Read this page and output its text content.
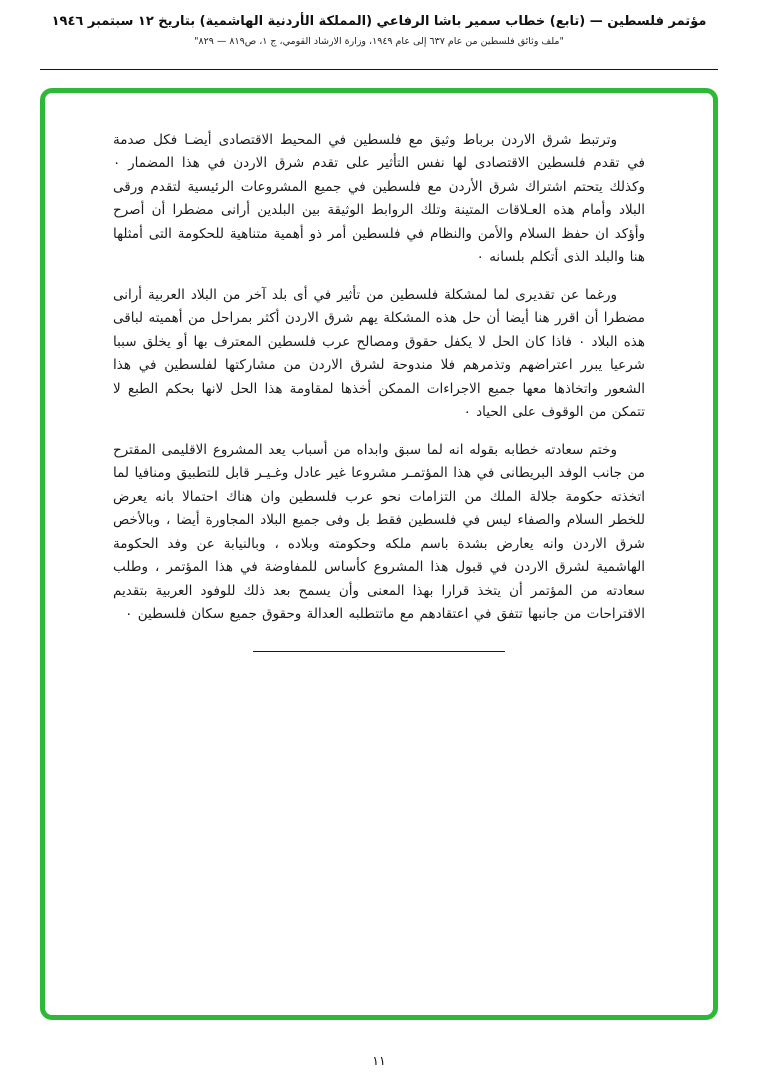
مؤتمر فلسطين — (تابع) خطاب سمير باشا الرفاعي (المملكة الأردنية الهاشمية) بتاريخ ١٢ سبتمبر ١٩٤٦
"ملف وثائق فلسطين من عام ٦٣٧ إلى عام ١٩٤٩، وزارة الارشاد القومي، ج ١، ص٨١٩ — ٨٢٩"

وترتبط شرق الاردن برباط وثيق مع فلسطين في المحيط الاقتصادى أيضـا فكل صدمة في تقدم فلسطين الاقتصادى لها نفس التأثير على تقدم شرق الاردن في هذا المضمار ٠ وكذلك يتحتم اشتراك شرق الأردن مع فلسطين في جميع المشروعات الرئيسية لتقدم ورقى البلاد وأمام هذه العـلاقات المتينة وتلك الروابط الوثيقة بين البلدين أرانى مضطرا أن أصرح وأؤكد ان حفظ السلام والأمن والنظام في فلسطين أمر ذو أهمية متناهية للحكومة التى أمثلها هنا والبلد الذى أتكلم بلسانه ٠

ورغما عن تقديرى لما لمشكلة فلسطين من تأثير في أى بلد آخر من البلاد العربية أرانى مضطرا أن اقرر هنا أيضا أن حل هذه المشكلة يهم شرق الاردن أكثر بمراحل من أهميته لباقى هذه البلاد ٠ فاذا كان الحل لا يكفل حقوق ومصالح عرب فلسطين المعترف بها أو يخلق سببا شرعيا يبرر اعتراضهم وتذمرهم فلا مندوحة لشرق الاردن من مشاركتها لفلسطين في هذا الشعور واتخاذها معها جميع الاجراءات الممكن أخذها لمقاومة هذا الحل لانها بحكم الطبع لا تتمكن من الوقوف على الحياد ٠

وختم سعادته خطابه بقوله انه لما سبق وابداه من أسباب يعد المشروع الاقليمى المقترح من جانب الوفد البريطانى في هذا المؤتمـر مشروعا غير عادل وغـيـر قابل للتطبيق ومنافيا لما اتخذته حكومة جلالة الملك من التزامات نحو عرب فلسطين وان هناك احتمالا بانه يعرض للخطر السلام والصفاء ليس في فلسطين فقط بل وفى جميع البلاد المجاورة أيضا ، وبالأخص شرق الاردن وانه يعارض بشدة باسم ملكه وحكومته وبلاده ، وبالنيابة عن وفد الحكومة الهاشمية لشرق الاردن في قبول هذا المشروع كأساس للمفاوضة في هذا المؤتمر ، وطلب سعادته من المؤتمر أن يتخذ قرارا بهذا المعنى وأن يسمح بعد ذلك للوفود العربية بتقديم الاقتراحات من جانبها تتفق في اعتقادهم مع ماتتطلبه العدالة وحقوق جميع سكان فلسطين ٠

١١
